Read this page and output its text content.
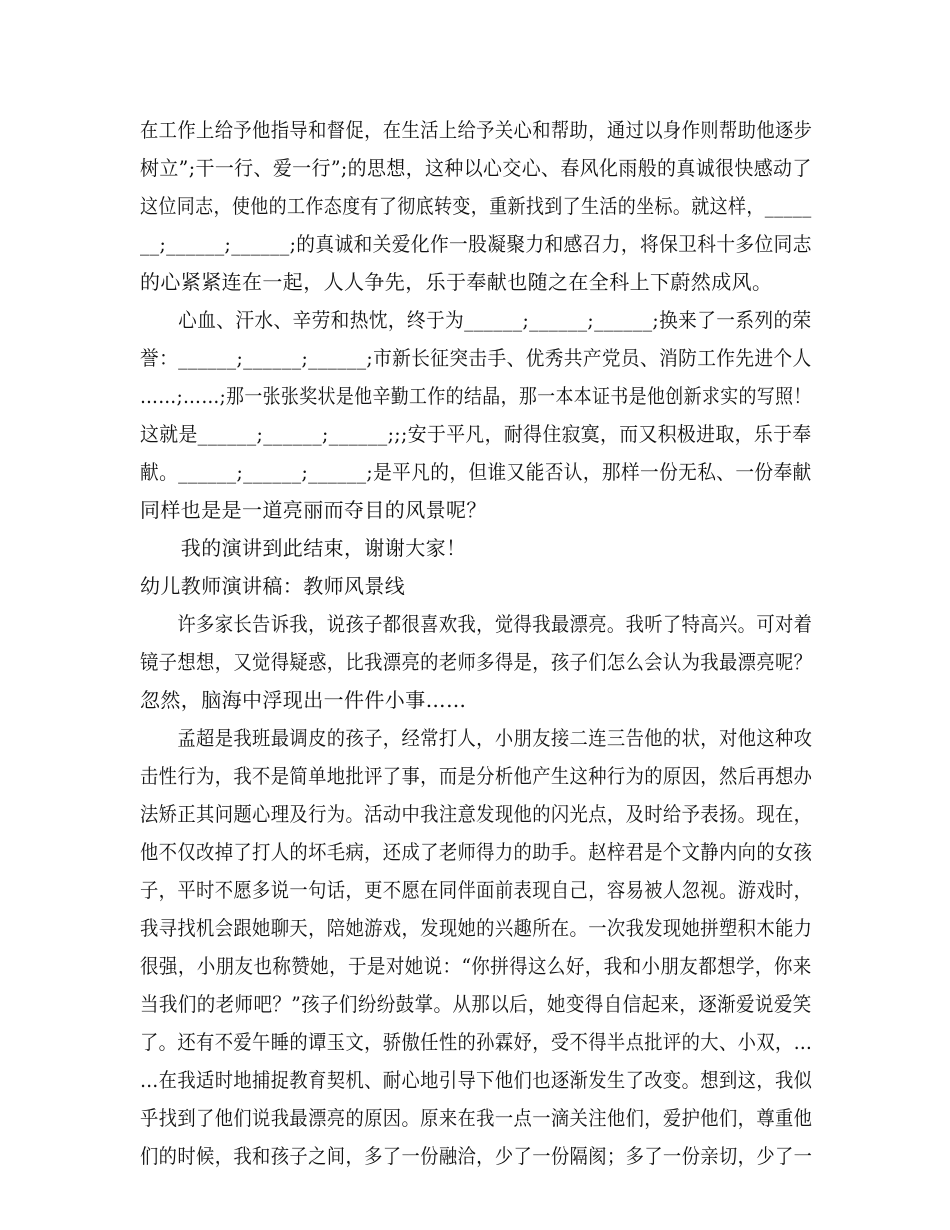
在工作上给予他指导和督促，在生活上给予关心和帮助，通过以身作则帮助他逐步
树立”;干一行、爱一行”;的思想，这种以心交心、春风化雨般的真诚很快感动了
这位同志，使他的工作态度有了彻底转变，重新找到了生活的坐标。就这样，_____
__;______;______;的真诚和关爱化作一股凝聚力和感召力，将保卫科十多位同志
的心紧紧连在一起，人人争先，乐于奉献也随之在全科上下蔚然成风。
　　心血、汗水、辛劳和热忱，终于为______;______;______;换来了一系列的荣
誉：______;______;______;市新长征突击手、优秀共产党员、消防工作先进个人
……;……;那一张张奖状是他辛勤工作的结晶，那一本本证书是他创新求实的写照！
这就是______;______;______;;;安于平凡，耐得住寂寞，而又积极进取，乐于奉
献。______;______;______;是平凡的，但谁又能否认，那样一份无私、一份奉献
同样也是是一道亮丽而夺目的风景呢？
　　我的演讲到此结束，谢谢大家！
幼儿教师演讲稿：教师风景线
　　许多家长告诉我，说孩子都很喜欢我，觉得我最漂亮。我听了特高兴。可对着
镜子想想，又觉得疑惑，比我漂亮的老师多得是，孩子们怎么会认为我最漂亮呢？
忽然，脑海中浮现出一件件小事……
　　孟超是我班最调皮的孩子，经常打人，小朋友接二连三告他的状，对他这种攻
击性行为，我不是简单地批评了事，而是分析他产生这种行为的原因，然后再想办
法矫正其问题心理及行为。活动中我注意发现他的闪光点，及时给予表扬。现在，
他不仅改掉了打人的坏毛病，还成了老师得力的助手。赵梓君是个文静内向的女孩
子，平时不愿多说一句话，更不愿在同伴面前表现自己，容易被人忽视。游戏时，
我寻找机会跟她聊天，陪她游戏，发现她的兴趣所在。一次我发现她拼塑积木能力
很强，小朋友也称赞她，于是对她说：“你拼得这么好，我和小朋友都想学，你来
当我们的老师吧？”孩子们纷纷鼓掌。从那以后，她变得自信起来，逐渐爱说爱笑
了。还有不爱午睡的谭玉文，骄傲任性的孙霖妤，受不得半点批评的大、小双，…
…在我适时地捕捉教育契机、耐心地引导下他们也逐渐发生了改变。想到这，我似
乎找到了他们说我最漂亮的原因。原来在我一点一滴关注他们，爱护他们，尊重他
们的时候，我和孩子之间，多了一份融洽，少了一份隔阂；多了一份亲切，少了一
